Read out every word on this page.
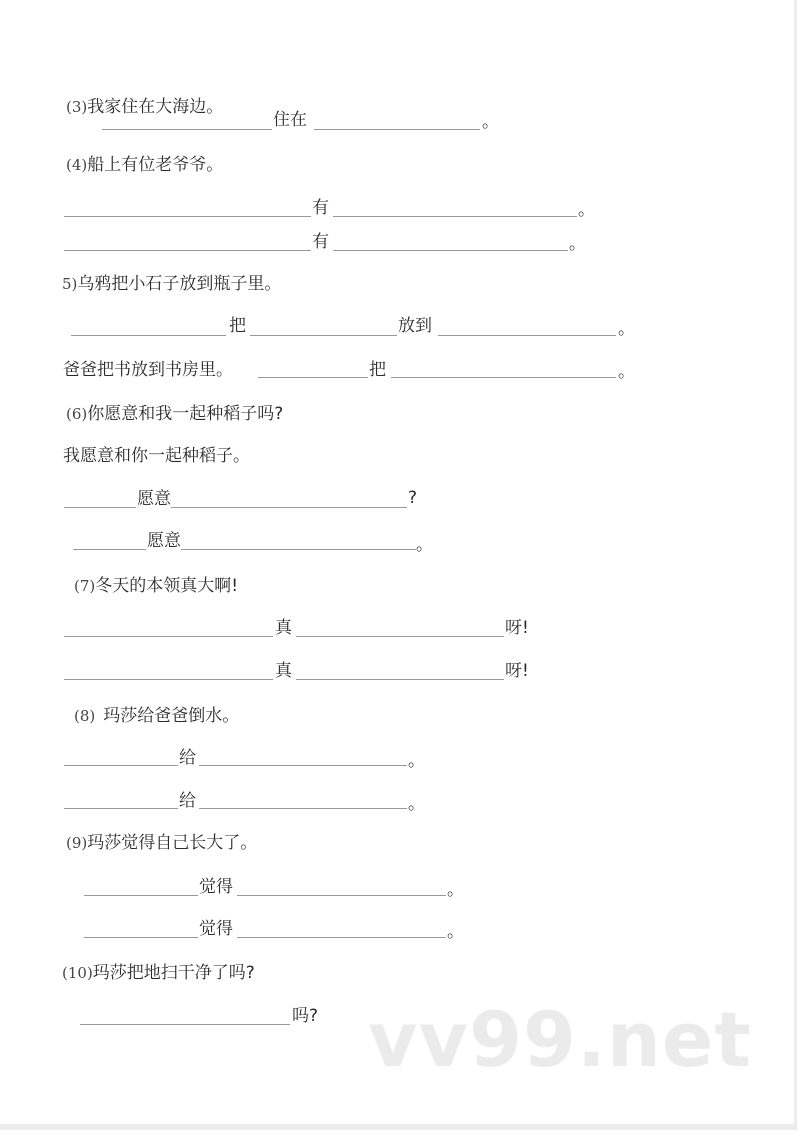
(3)我家住在大海边。
住在	。
(4)船上有位老爷爷。
有	。
有	。
5)乌鸦把小石子放到瓶子里。
把	放到	。
爸爸把书放到书房里。	把	。
(6)你愿意和我一起种稻子吗?
我愿意和你一起种稻子。
愿意	?
愿意	。
(7)冬天的本领真大啊!
真	呀!
真	呀!
(8) 玛莎给爸爸倒水。
给	。
给	。
(9)玛莎觉得自己长大了。
觉得	。
觉得	。
(10)玛莎把地扫干净了吗?
吗? vv99.net
